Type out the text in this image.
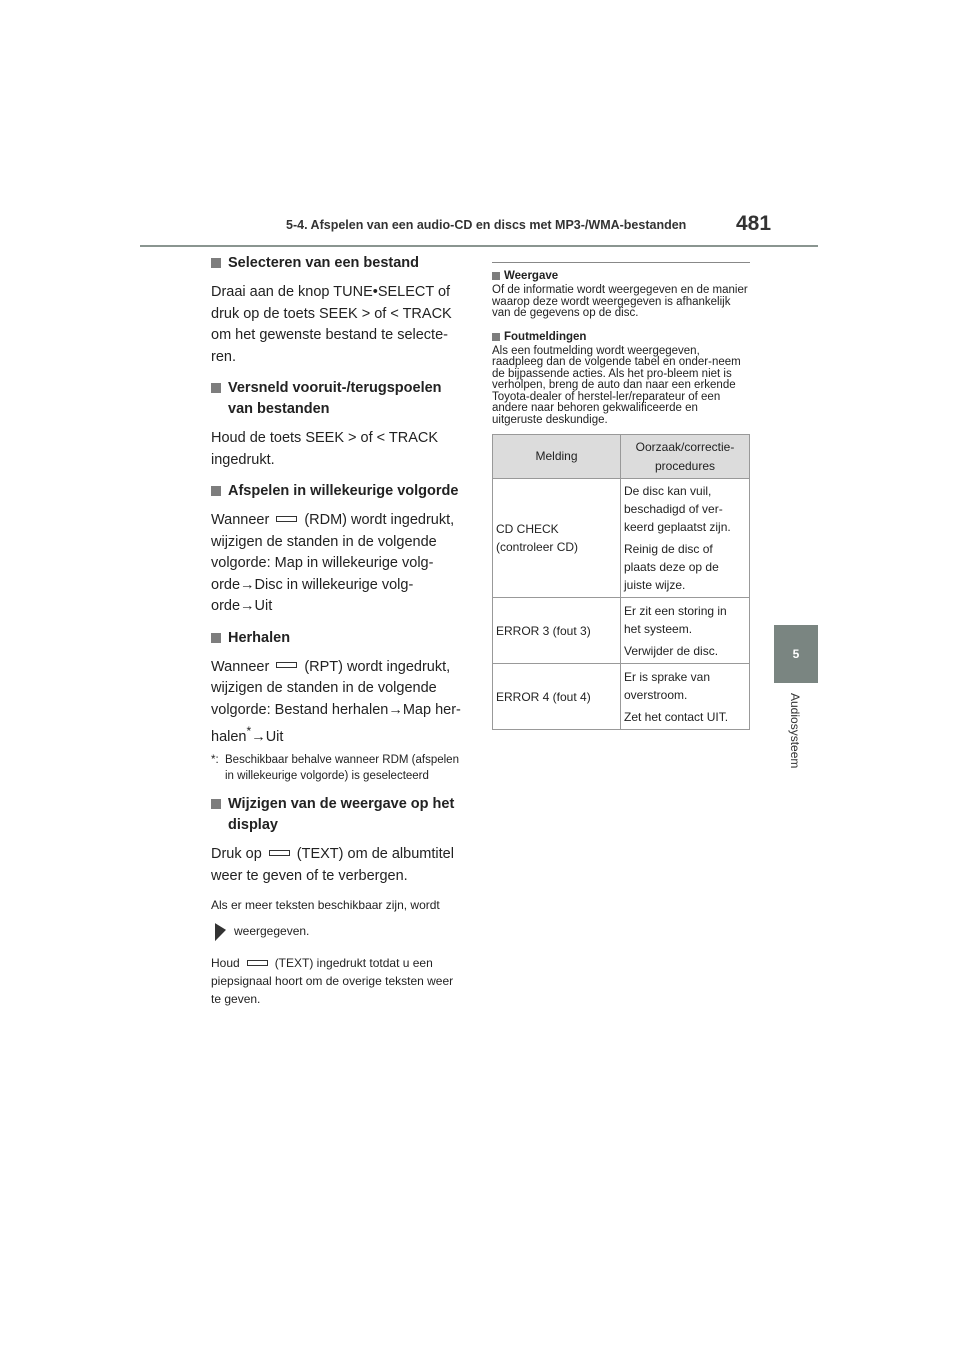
5-4. Afspelen van een audio-CD en discs met MP3-/WMA-bestanden 481
5
Audiosysteem
Selecteren van een bestand

Draai aan de knop TUNE•SELECT of druk op de toets SEEK > of < TRACK om het gewenste bestand te selecte-ren.

Versneld vooruit-/terugspoelen van bestanden

Houd de toets SEEK > of < TRACK ingedrukt.

Afspelen in willekeurige volgorde

Wanneer (RDM) wordt ingedrukt, wijzigen de standen in de volgende volgorde: Map in willekeurige volg-orde→Disc in willekeurige volg-orde→Uit

Herhalen

Wanneer (RPT) wordt ingedrukt, wijzigen de standen in de volgende volgorde: Bestand herhalen→Map her-halen*→Uit

*: Beschikbaar behalve wanneer RDM (afspelen in willekeurige volgorde) is geselecteerd
Wijzigen van de weergave op het display

Druk op (TEXT) om de albumtitel weer te geven of te verbergen.

Als er meer teksten beschikbaar zijn, wordt

weergegeven.

Houd	(TEXT) ingedrukt totdat u een piepsignaal hoort om de overige teksten weer te geven.

Weergave

Of de informatie wordt weergegeven en de manier waarop deze wordt weergegeven is afhankelijk van de gegevens op de disc.

Foutmeldingen

Als een foutmelding wordt weergegeven, raadpleeg dan de volgende tabel en onder-neem de bijpassende acties. Als het pro-bleem niet is verholpen, breng de auto dan naar een erkende Toyota-dealer of herstel-ler/reparateur of een andere naar behoren gekwalificeerde en uitgeruste deskundige.

Melding	Oorzaak/correctie-procedures
CD CHECK (controleer CD)	De disc kan vuil, beschadigd of ver-keerd geplaatst zijn.

Reinig de disc of plaats deze op de juiste wijze.

ERROR 3 (fout 3)	Er zit een storing in het systeem.

Verwijder de disc.

ERROR 4 (fout 4)	Er is sprake van overstroom.

Zet het contact UIT.
